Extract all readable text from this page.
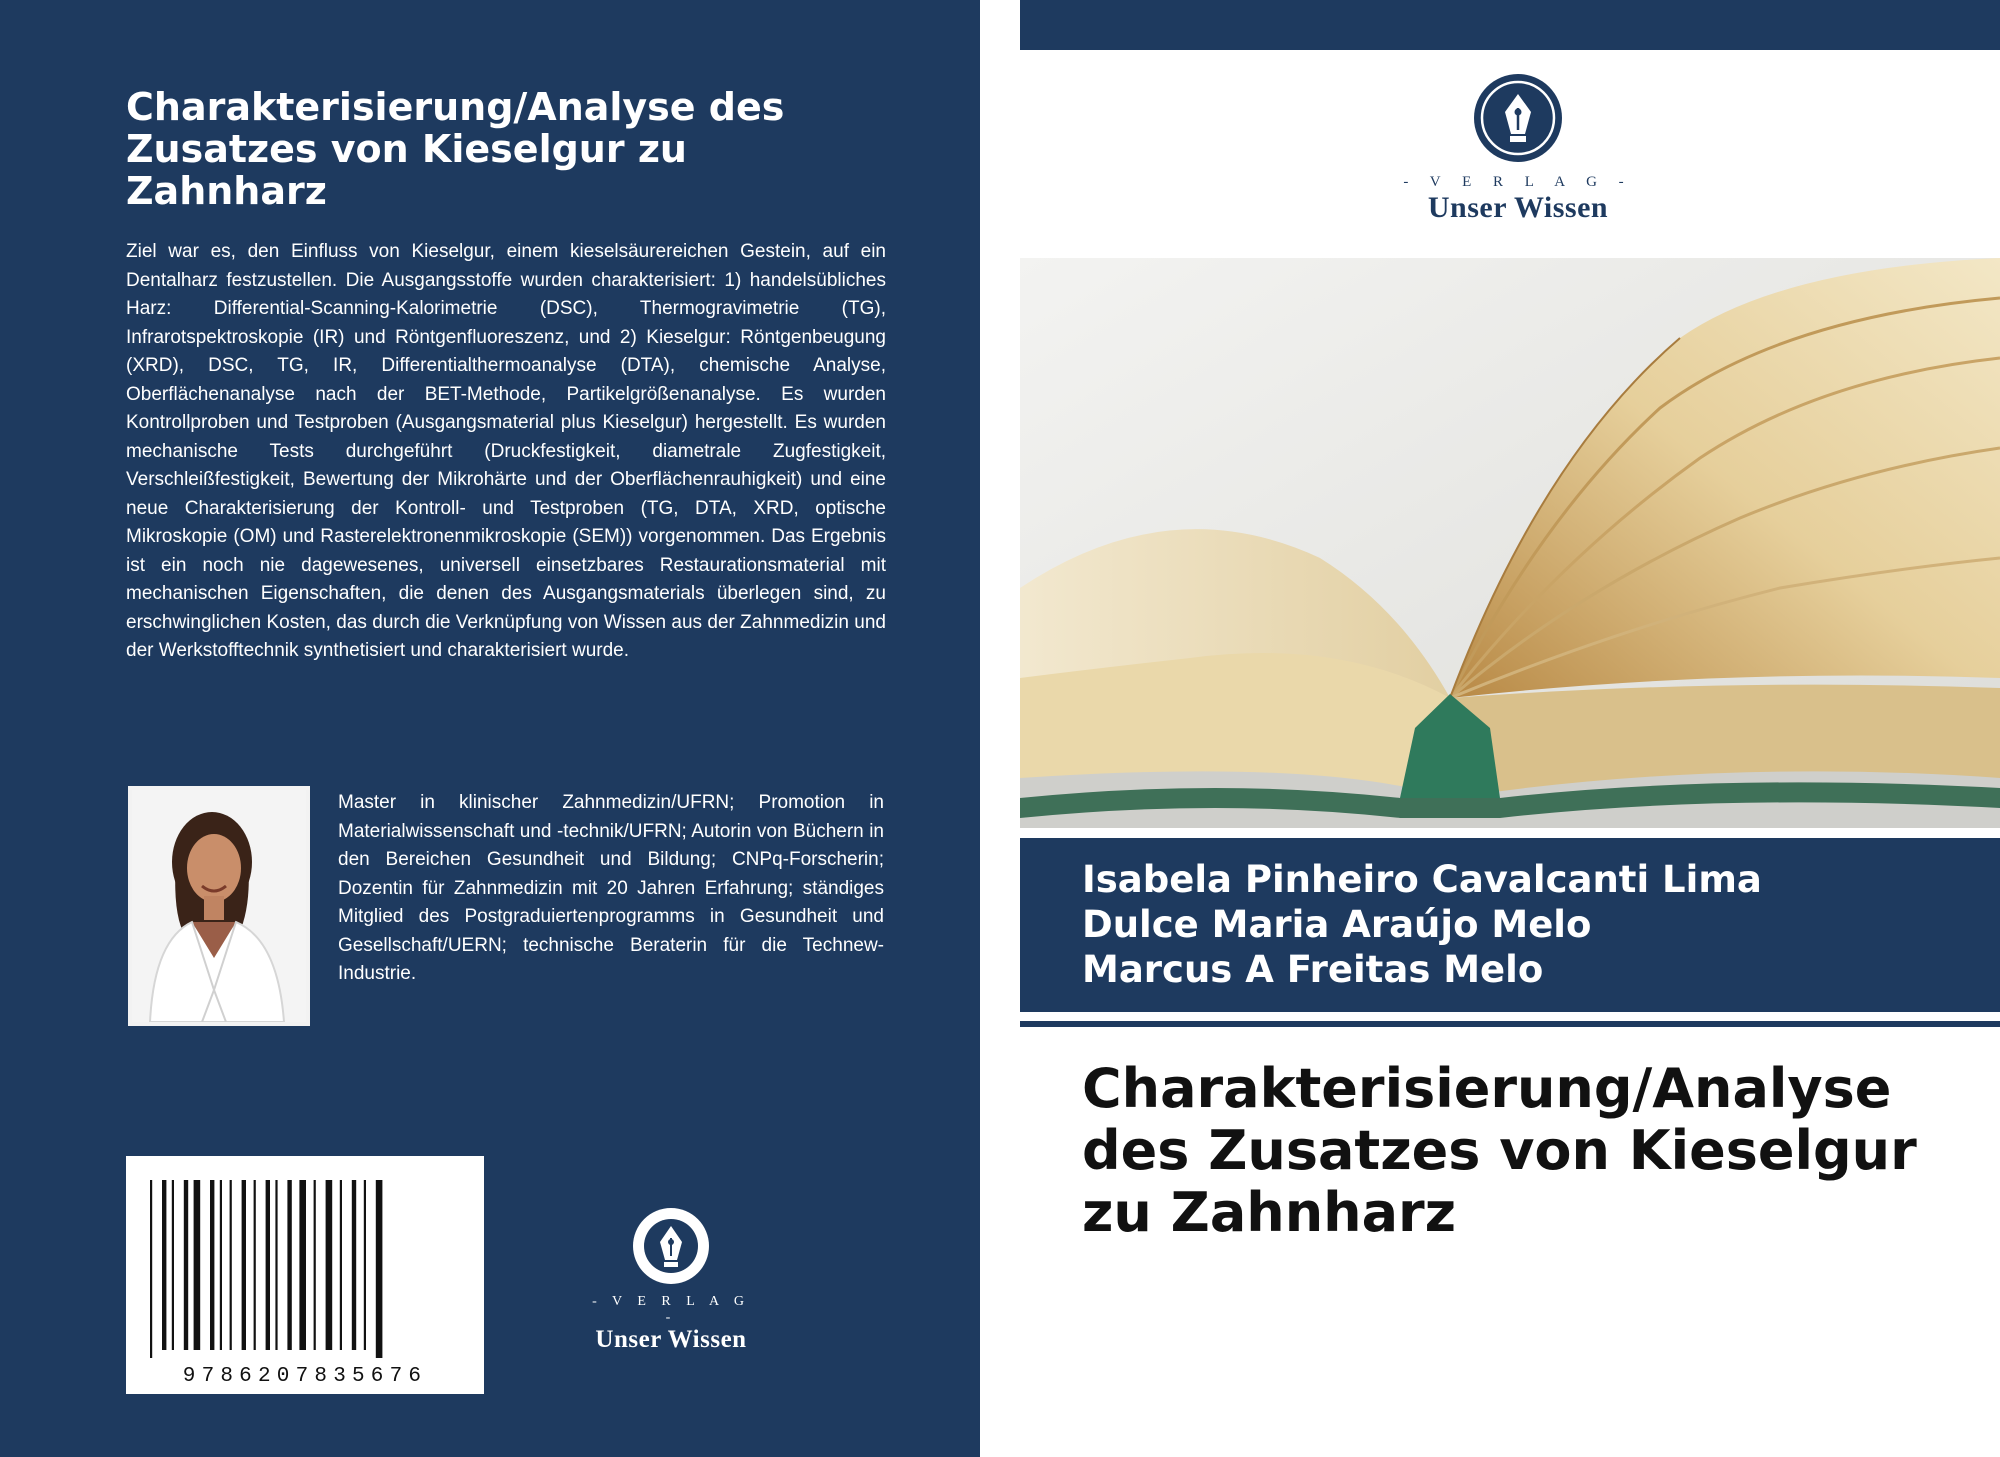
Charakterisierung/Analyse des Zusatzes von Kieselgur zu Zahnharz

Ziel war es, den Einfluss von Kieselgur, einem kieselsäurereichen Gestein, auf ein Dentalharz festzustellen. Die Ausgangsstoffe wurden charakterisiert: 1) handelsübliches Harz: Differential-Scanning-Kalorimetrie (DSC), Thermogravimetrie (TG), Infrarotspektroskopie (IR) und Röntgenfluoreszenz, und 2) Kieselgur: Röntgenbeugung (XRD), DSC, TG, IR, Differentialthermoanalyse (DTA), chemische Analyse, Oberflächenanalyse nach der BET-Methode, Partikelgrößenanalyse. Es wurden Kontrollproben und Testproben (Ausgangsmaterial plus Kieselgur) hergestellt. Es wurden mechanische Tests durchgeführt (Druckfestigkeit, diametrale Zugfestigkeit, Verschleißfestigkeit, Bewertung der Mikrohärte und der Oberflächenrauhigkeit) und eine neue Charakterisierung der Kontroll- und Testproben (TG, DTA, XRD, optische Mikroskopie (OM) und Rasterelektronenmikroskopie (SEM)) vorgenommen. Das Ergebnis ist ein noch nie dagewesenes, universell einsetzbares Restaurationsmaterial mit mechanischen Eigenschaften, die denen des Ausgangsmaterials überlegen sind, zu erschwinglichen Kosten, das durch die Verknüpfung von Wissen aus der Zahnmedizin und der Werkstofftechnik synthetisiert und charakterisiert wurde.

Master in klinischer Zahnmedizin/UFRN; Promotion in Materialwissenschaft und -technik/UFRN; Autorin von Büchern in den Bereichen Gesundheit und Bildung; CNPq-Forscherin; Dozentin für Zahnmedizin mit 20 Jahren Erfahrung; ständiges Mitglied des Postgraduiertenprogramms in Gesundheit und Gesellschaft/UERN; technische Beraterin für die Technew-Industrie.

9786207835676
- V E R L A G -
Unser Wissen
- V E R L A G -
Unser Wissen
Isabela Pinheiro Cavalcanti Lima
Dulce Maria Araújo Melo
Marcus A Freitas Melo
Charakterisierung/Analyse des Zusatzes von Kieselgur zu Zahnharz
